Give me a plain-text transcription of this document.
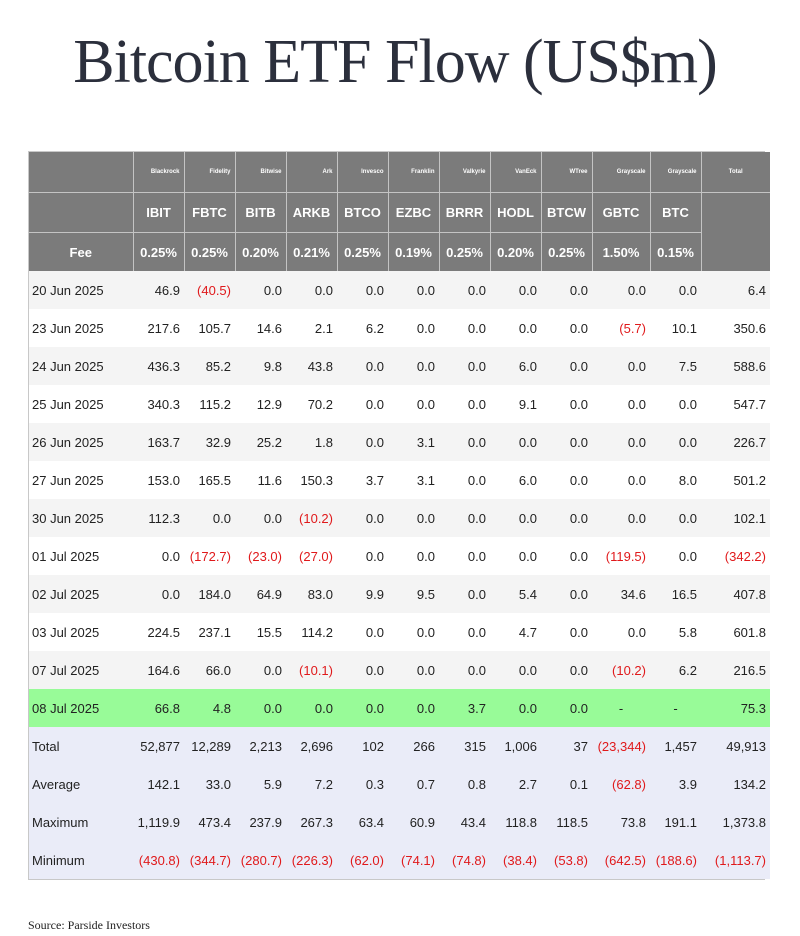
Bitcoin ETF Flow (US$m)
	Blackrock	Fidelity	Bitwise	Ark	Invesco	Franklin	Valkyrie	VanEck	WTree	Grayscale	Grayscale	Total
	IBIT	FBTC	BITB	ARKB	BTCO	EZBC	BRRR	HODL	BTCW	GBTC	BTC	
Fee	0.25%	0.25%	0.20%	0.21%	0.25%	0.19%	0.25%	0.20%	0.25%	1.50%	0.15%	
20 Jun 2025	46.9	(40.5)	0.0	0.0	0.0	0.0	0.0	0.0	0.0	0.0	0.0	6.4
23 Jun 2025	217.6	105.7	14.6	2.1	6.2	0.0	0.0	0.0	0.0	(5.7)	10.1	350.6
24 Jun 2025	436.3	85.2	9.8	43.8	0.0	0.0	0.0	6.0	0.0	0.0	7.5	588.6
25 Jun 2025	340.3	115.2	12.9	70.2	0.0	0.0	0.0	9.1	0.0	0.0	0.0	547.7
26 Jun 2025	163.7	32.9	25.2	1.8	0.0	3.1	0.0	0.0	0.0	0.0	0.0	226.7
27 Jun 2025	153.0	165.5	11.6	150.3	3.7	3.1	0.0	6.0	0.0	0.0	8.0	501.2
30 Jun 2025	112.3	0.0	0.0	(10.2)	0.0	0.0	0.0	0.0	0.0	0.0	0.0	102.1
01 Jul 2025	0.0	(172.7)	(23.0)	(27.0)	0.0	0.0	0.0	0.0	0.0	(119.5)	0.0	(342.2)
02 Jul 2025	0.0	184.0	64.9	83.0	9.9	9.5	0.0	5.4	0.0	34.6	16.5	407.8
03 Jul 2025	224.5	237.1	15.5	114.2	0.0	0.0	0.0	4.7	0.0	0.0	5.8	601.8
07 Jul 2025	164.6	66.0	0.0	(10.1)	0.0	0.0	0.0	0.0	0.0	(10.2)	6.2	216.5
08 Jul 2025	66.8	4.8	0.0	0.0	0.0	0.0	3.7	0.0	0.0	-	-	75.3
Total	52,877	12,289	2,213	2,696	102	266	315	1,006	37	(23,344)	1,457	49,913
Average	142.1	33.0	5.9	7.2	0.3	0.7	0.8	2.7	0.1	(62.8)	3.9	134.2
Maximum	1,119.9	473.4	237.9	267.3	63.4	60.9	43.4	118.8	118.5	73.8	191.1	1,373.8
Minimum	(430.8)	(344.7)	(280.7)	(226.3)	(62.0)	(74.1)	(74.8)	(38.4)	(53.8)	(642.5)	(188.6)	(1,113.7)
Source: Parside Investors
